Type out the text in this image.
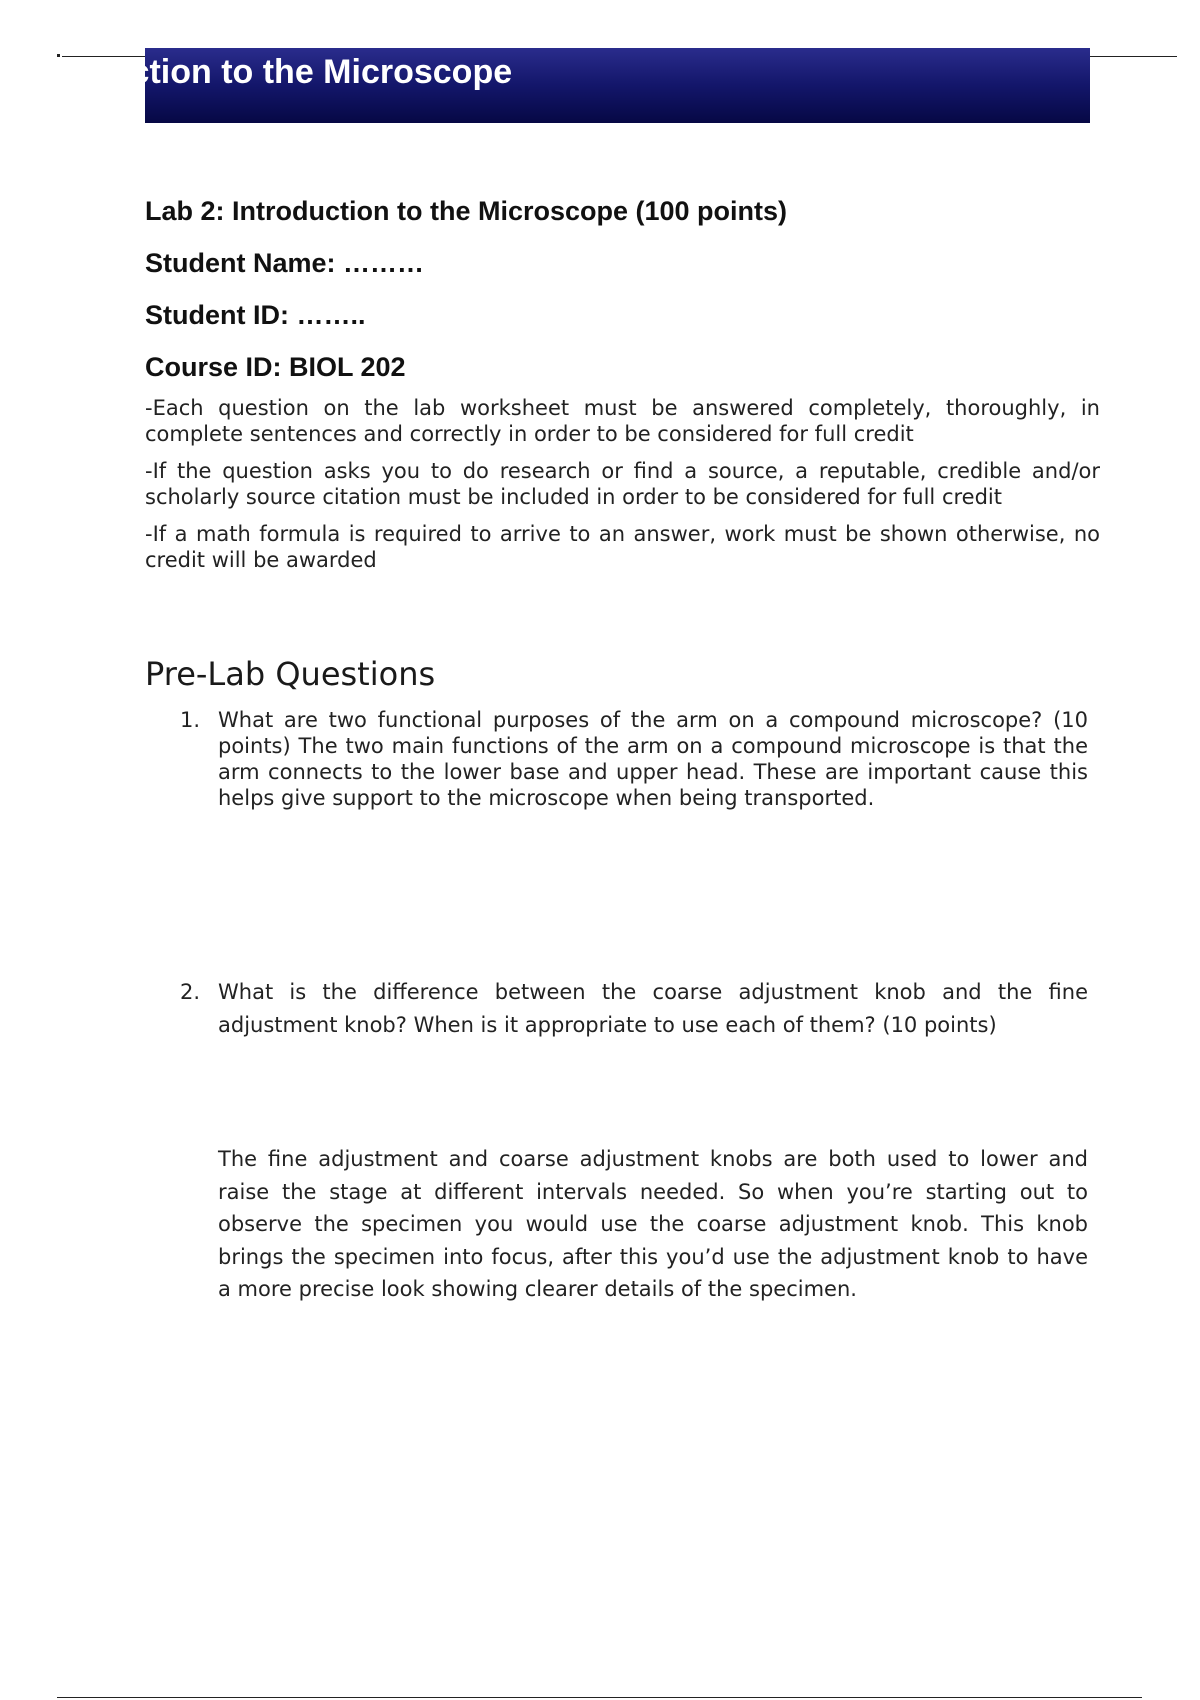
duction to the Microscope

Lab 2: Introduction to the Microscope (100 points)

Student Name: ………

Student ID: ……..

Course ID: BIOL 202

-Each question on the lab worksheet must be answered completely, thoroughly, in complete sentences and correctly in order to be considered for full credit

-If the question asks you to do research or find a source, a reputable, credible and/or scholarly source citation must be included in order to be considered for full credit

-If a math formula is required to arrive to an answer, work must be shown otherwise, no credit will be awarded

Pre-Lab Questions
1. What are two functional purposes of the arm on a compound microscope? (10 points) The two main functions of the arm on a compound microscope is that the arm connects to the lower base and upper head. These are important cause this helps give support to the microscope when being transported.
2. What is the difference between the coarse adjustment knob and the fine adjustment knob? When is it appropriate to use each of them? (10 points)

The fine adjustment and coarse adjustment knobs are both used to lower and raise the stage at different intervals needed. So when you’re starting out to observe the specimen you would use the coarse adjustment knob. This knob brings the specimen into focus, after this you’d use the adjustment knob to have a more precise look showing clearer details of the specimen.
